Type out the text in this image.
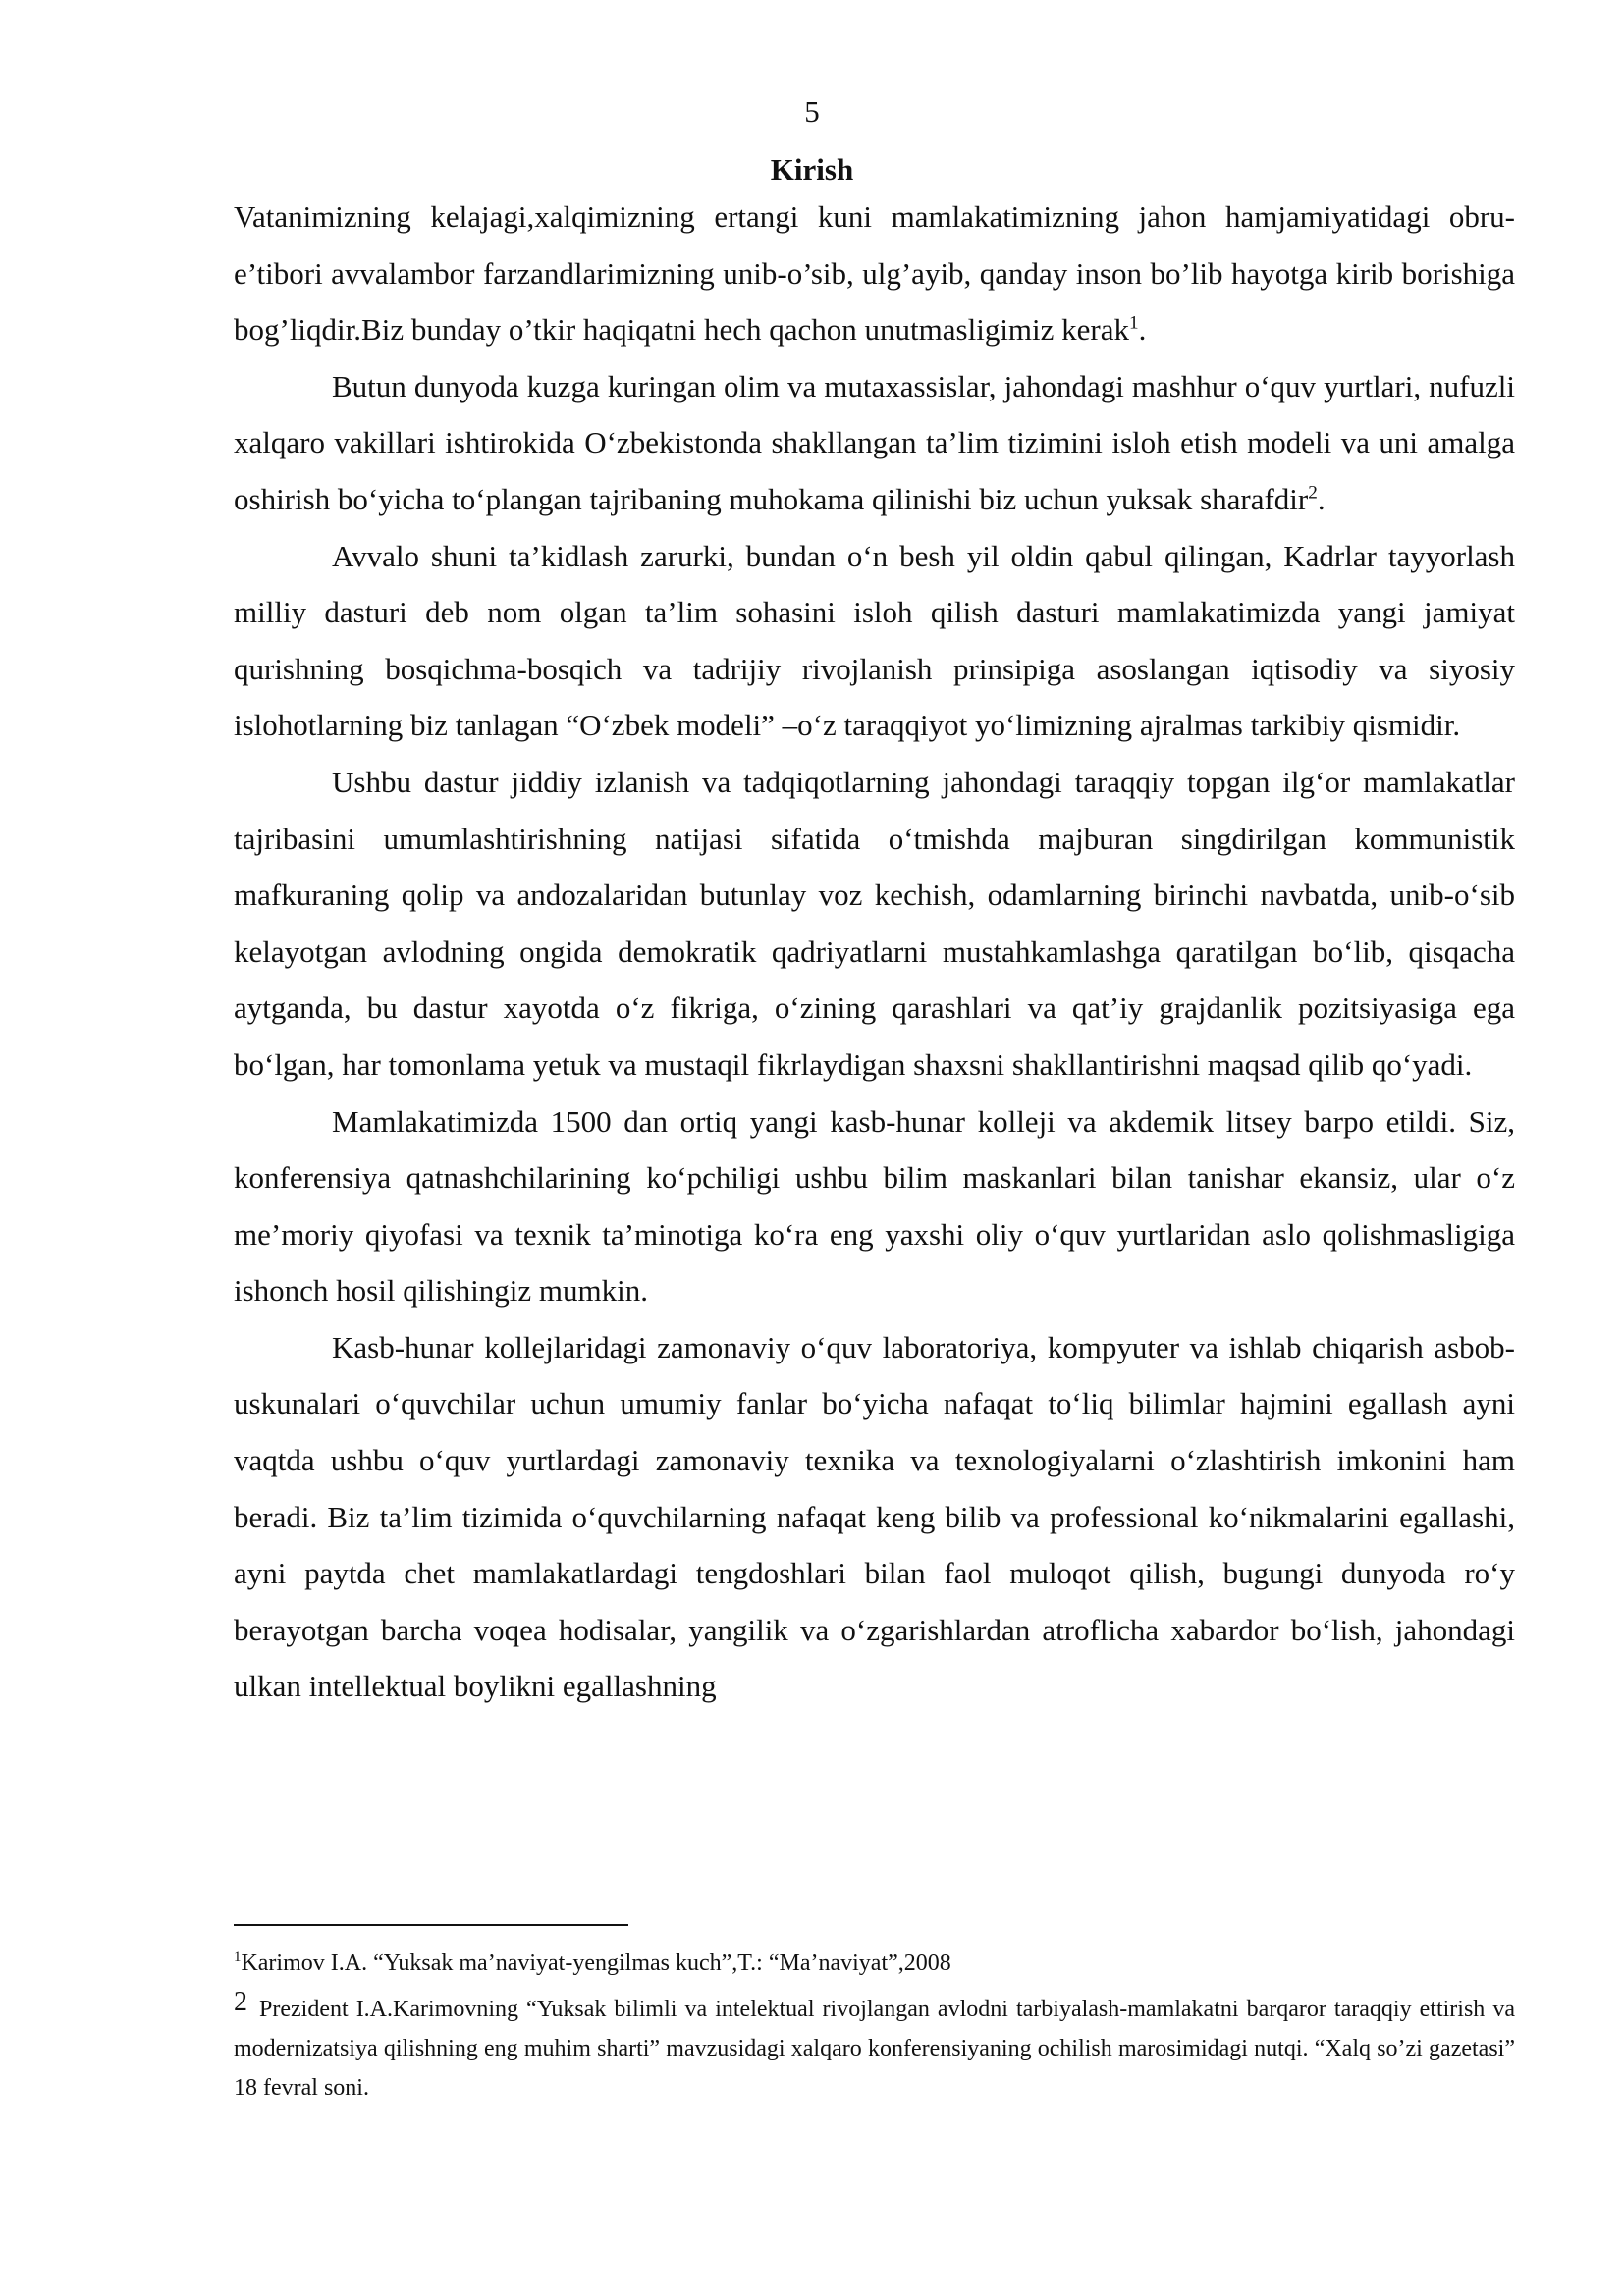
5
Kirish

Vatanimizning kelajagi,xalqimizning ertangi kuni mamlakatimizning jahon hamjamiyatidagi obru-e’tibori avvalambor farzandlarimizning unib-o’sib, ulg’ayib, qanday inson bo’lib hayotga kirib borishiga bog’liqdir.Biz bunday o’tkir haqiqatni hech qachon unutmasligimiz kerak$^1$.

Butun dunyoda kuzga kuringan olim va mutaxassislar, jahondagi mashhur o‘quv yurtlari, nufuzli xalqaro vakillari ishtirokida O‘zbekistonda shakllangan ta’lim tizimini isloh etish modeli va uni amalga oshirish bo‘yicha to‘plangan tajribaning muhokama qilinishi biz uchun yuksak sharafdir$^2$.

Avvalo shuni ta’kidlash zarurki, bundan o‘n besh yil oldin qabul qilingan, Kadrlar tayyorlash milliy dasturi deb nom olgan ta’lim sohasini isloh qilish dasturi mamlakatimizda yangi jamiyat qurishning bosqichma-bosqich va tadrijiy rivojlanish prinsipiga asoslangan iqtisodiy va siyosiy islohotlarning biz tanlagan “O‘zbek modeli” –o‘z taraqqiyot yo‘limizning ajralmas tarkibiy qismidir.

Ushbu dastur jiddiy izlanish va tadqiqotlarning jahondagi taraqqiy topgan ilg‘or mamlakatlar tajribasini umumlashtirishning natijasi sifatida o‘tmishda majburan singdirilgan kommunistik mafkuraning qolip va andozalaridan butunlay voz kechish, odamlarning birinchi navbatda, unib-o‘sib kelayotgan avlodning ongida demokratik qadriyatlarni mustahkamlashga qaratilgan bo‘lib, qisqacha aytganda, bu dastur xayotda o‘z fikriga, o‘zining qarashlari va qat’iy grajdanlik pozitsiyasiga ega bo‘lgan, har tomonlama yetuk va mustaqil fikrlaydigan shaxsni shakllantirishni maqsad qilib qo‘yadi.

Mamlakatimizda 1500 dan ortiq yangi kasb-hunar kolleji va akdemik litsey barpo etildi. Siz, konferensiya qatnashchilarining ko‘pchiligi ushbu bilim maskanlari bilan tanishar ekansiz, ular o‘z me’moriy qiyofasi va texnik ta’minotiga ko‘ra eng yaxshi oliy o‘quv yurtlaridan aslo qolishmasligiga ishonch hosil qilishingiz mumkin.

Kasb-hunar kollejlaridagi zamonaviy o‘quv laboratoriya, kompyuter va ishlab chiqarish asbob-uskunalari o‘quvchilar uchun umumiy fanlar bo‘yicha nafaqat to‘liq bilimlar hajmini egallash ayni vaqtda ushbu o‘quv yurtlardagi zamonaviy texnika va texnologiyalarni o‘zlashtirish imkonini ham beradi. Biz ta’lim tizimida o‘quvchilarning nafaqat keng bilib va professional ko‘nikmalarini egallashi, ayni paytda chet mamlakatlardagi tengdoshlari bilan faol muloqot qilish, bugungi dunyoda ro‘y berayotgan barcha voqea hodisalar, yangilik va o‘zgarishlardan atroflicha xabardor bo‘lish, jahondagi ulkan intellektual boylikni egallashning

$^1$Karimov I.A. “Yuksak ma’naviyat-yengilmas kuch”,T.: “Ma’naviyat”,2008

2 Prezident I.A.Karimovning “Yuksak bilimli va intelektual rivojlangan avlodni tarbiyalash-mamlakatni barqaror taraqqiy ettirish va modernizatsiya qilishning eng muhim sharti” mavzusidagi xalqaro konferensiyaning ochilish marosimidagi nutqi. “Xalq so’zi gazetasi” 18 fevral soni.
